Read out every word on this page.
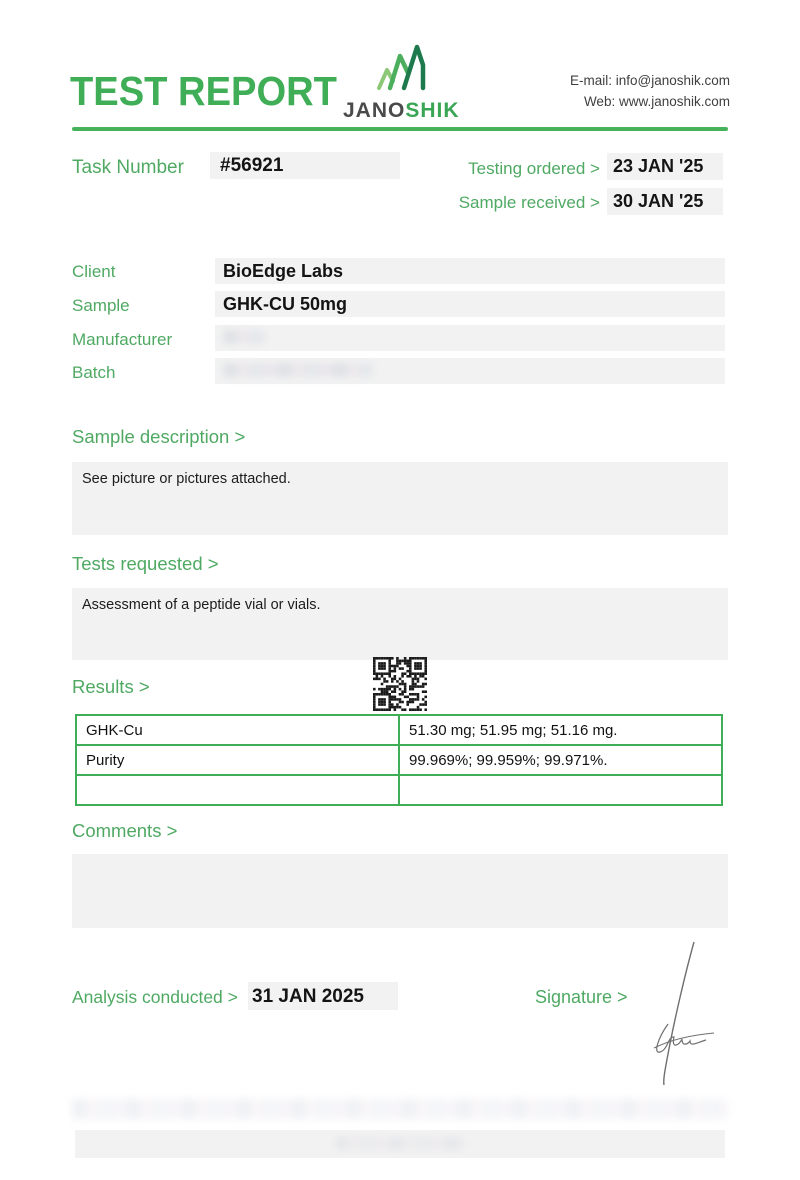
TEST REPORT JANOSHIK
E-mail: info@janoshik.com
Web: www.janoshik.com
Task Number	#56921	Testing ordered > 23 JAN '25
Sample received > 30 JAN '25
Client	BioEdge Labs
Sample	GHK-CU 50mg
Manufacturer
Batch
Sample description >
See picture or pictures attached.
Tests requested >
Assessment of a peptide vial or vials.
Results >
GHK-Cu	51.30 mg; 51.95 mg; 51.16 mg.
Purity	99.969%; 99.959%; 99.971%.

Comments >
Analysis conducted > 31 JAN 2025	Signature >
